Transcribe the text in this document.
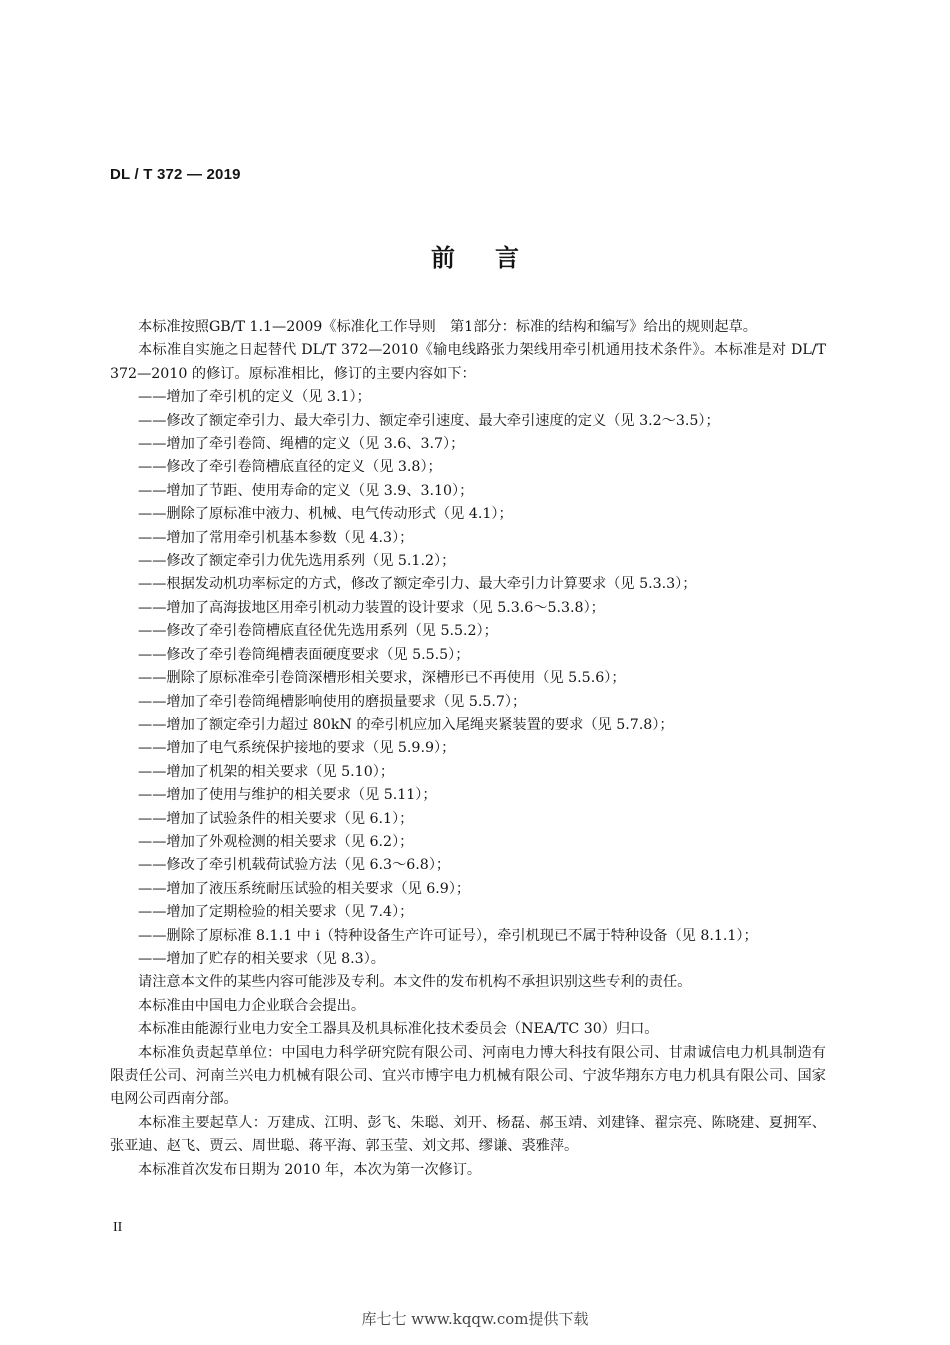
DL / T 372 — 2019
前 言

本标准按照GB/T 1.1—2009《标准化工作导则　第1部分：标准的结构和编写》给出的规则起草。

本标准自实施之日起替代 DL/T 372—2010《输电线路张力架线用牵引机通用技术条件》。本标准是对 DL/T 372—2010 的修订。原标准相比，修订的主要内容如下：

——增加了牵引机的定义（见 3.1）；

——修改了额定牵引力、最大牵引力、额定牵引速度、最大牵引速度的定义（见 3.2～3.5）；

——增加了牵引卷筒、绳槽的定义（见 3.6、3.7）；

——修改了牵引卷筒槽底直径的定义（见 3.8）；

——增加了节距、使用寿命的定义（见 3.9、3.10）；

——删除了原标准中液力、机械、电气传动形式（见 4.1）；

——增加了常用牵引机基本参数（见 4.3）；

——修改了额定牵引力优先选用系列（见 5.1.2）；

——根据发动机功率标定的方式，修改了额定牵引力、最大牵引力计算要求（见 5.3.3）；

——增加了高海拔地区用牵引机动力装置的设计要求（见 5.3.6～5.3.8）；

——修改了牵引卷筒槽底直径优先选用系列（见 5.5.2）；

——修改了牵引卷筒绳槽表面硬度要求（见 5.5.5）；

——删除了原标准牵引卷筒深槽形相关要求，深槽形已不再使用（见 5.5.6）；

——增加了牵引卷筒绳槽影响使用的磨损量要求（见 5.5.7）；

——增加了额定牵引力超过 80kN 的牵引机应加入尾绳夹紧装置的要求（见 5.7.8）；

——增加了电气系统保护接地的要求（见 5.9.9）；

——增加了机架的相关要求（见 5.10）；

——增加了使用与维护的相关要求（见 5.11）；

——增加了试验条件的相关要求（见 6.1）；

——增加了外观检测的相关要求（见 6.2）；

——修改了牵引机载荷试验方法（见 6.3～6.8）；

——增加了液压系统耐压试验的相关要求（见 6.9）；

——增加了定期检验的相关要求（见 7.4）；

——删除了原标准 8.1.1 中 i（特种设备生产许可证号），牵引机现已不属于特种设备（见 8.1.1）；

——增加了贮存的相关要求（见 8.3）。

请注意本文件的某些内容可能涉及专利。本文件的发布机构不承担识别这些专利的责任。

本标准由中国电力企业联合会提出。

本标准由能源行业电力安全工器具及机具标准化技术委员会（NEA/TC 30）归口。

本标准负责起草单位：中国电力科学研究院有限公司、河南电力博大科技有限公司、甘肃诚信电力机具制造有限责任公司、河南兰兴电力机械有限公司、宜兴市博宇电力机械有限公司、宁波华翔东方电力机具有限公司、国家电网公司西南分部。

本标准主要起草人：万建成、江明、彭飞、朱聪、刘开、杨磊、郝玉靖、刘建锋、翟宗亮、陈晓建、夏拥军、张亚迪、赵飞、贾云、周世聪、蒋平海、郭玉莹、刘文邦、缪谦、裘雅萍。

本标准首次发布日期为 2010 年，本次为第一次修订。

II
库七七 www.kqqw.com提供下载
